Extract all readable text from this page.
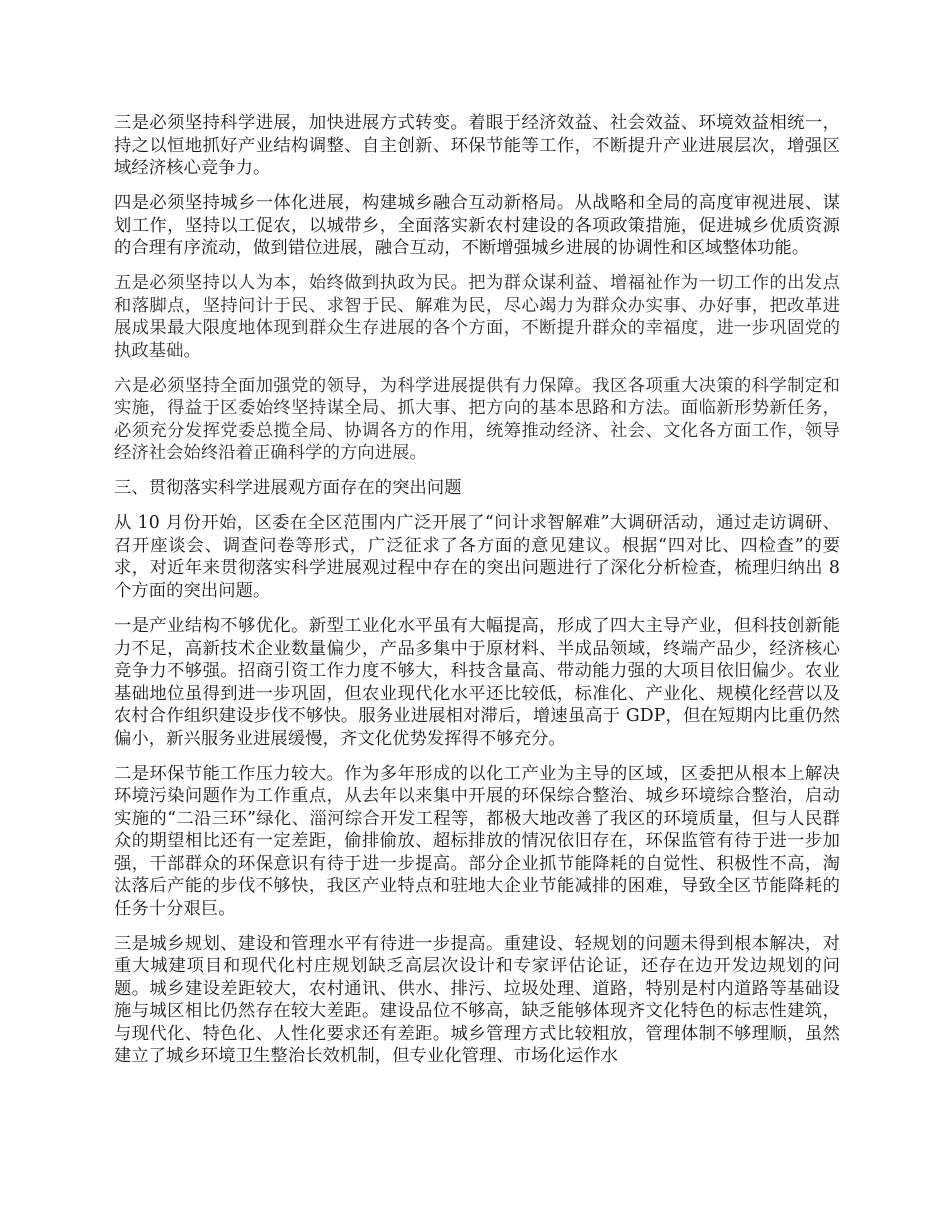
三是必须坚持科学进展，加快进展方式转变。着眼于经济效益、社会效益、环境效益相统一，持之以恒地抓好产业结构调整、自主创新、环保节能等工作，不断提升产业进展层次，增强区域经济核心竞争力。

四是必须坚持城乡一体化进展，构建城乡融合互动新格局。从战略和全局的高度审视进展、谋划工作，坚持以工促农，以城带乡，全面落实新农村建设的各项政策措施，促进城乡优质资源的合理有序流动，做到错位进展，融合互动，不断增强城乡进展的协调性和区域整体功能。

五是必须坚持以人为本，始终做到执政为民。把为群众谋利益、增福祉作为一切工作的出发点和落脚点，坚持问计于民、求智于民、解难为民，尽心竭力为群众办实事、办好事，把改革进展成果最大限度地体现到群众生存进展的各个方面，不断提升群众的幸福度，进一步巩固党的执政基础。

六是必须坚持全面加强党的领导，为科学进展提供有力保障。我区各项重大决策的科学制定和实施，得益于区委始终坚持谋全局、抓大事、把方向的基本思路和方法。面临新形势新任务，必须充分发挥党委总揽全局、协调各方的作用，统筹推动经济、社会、文化各方面工作，领导经济社会始终沿着正确科学的方向进展。

三、贯彻落实科学进展观方面存在的突出问题

从 10 月份开始，区委在全区范围内广泛开展了“问计求智解难”大调研活动，通过走访调研、召开座谈会、调查问卷等形式，广泛征求了各方面的意见建议。根据“四对比、四检查”的要求，对近年来贯彻落实科学进展观过程中存在的突出问题进行了深化分析检查，梳理归纳出 8 个方面的突出问题。

一是产业结构不够优化。新型工业化水平虽有大幅提高，形成了四大主导产业，但科技创新能力不足，高新技术企业数量偏少，产品多集中于原材料、半成品领域，终端产品少，经济核心竞争力不够强。招商引资工作力度不够大，科技含量高、带动能力强的大项目依旧偏少。农业基础地位虽得到进一步巩固，但农业现代化水平还比较低，标准化、产业化、规模化经营以及农村合作组织建设步伐不够快。服务业进展相对滞后，增速虽高于 GDP，但在短期内比重仍然偏小，新兴服务业进展缓慢，齐文化优势发挥得不够充分。

二是环保节能工作压力较大。作为多年形成的以化工产业为主导的区域，区委把从根本上解决环境污染问题作为工作重点，从去年以来集中开展的环保综合整治、城乡环境综合整治，启动实施的“二沿三环”绿化、淄河综合开发工程等，都极大地改善了我区的环境质量，但与人民群众的期望相比还有一定差距，偷排偷放、超标排放的情况依旧存在，环保监管有待于进一步加强，干部群众的环保意识有待于进一步提高。部分企业抓节能降耗的自觉性、积极性不高，淘汰落后产能的步伐不够快，我区产业特点和驻地大企业节能减排的困难，导致全区节能降耗的任务十分艰巨。

三是城乡规划、建设和管理水平有待进一步提高。重建设、轻规划的问题未得到根本解决，对重大城建项目和现代化村庄规划缺乏高层次设计和专家评估论证，还存在边开发边规划的问题。城乡建设差距较大，农村通讯、供水、排污、垃圾处理、道路，特别是村内道路等基础设施与城区相比仍然存在较大差距。建设品位不够高，缺乏能够体现齐文化特色的标志性建筑，与现代化、特色化、人性化要求还有差距。城乡管理方式比较粗放，管理体制不够理顺，虽然建立了城乡环境卫生整治长效机制，但专业化管理、市场化运作水
